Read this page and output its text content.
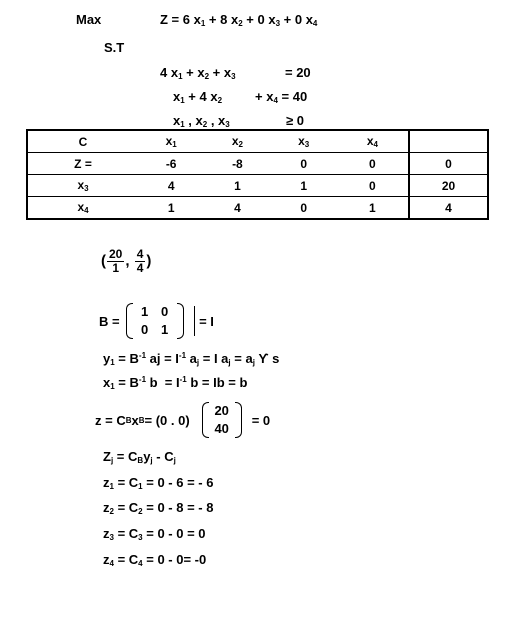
Max	Z = 6 $x_1 + 8$ $x_2 + 0$ $x_3 + 0$ $x_4$
S.T
4 $x_1 + x_2 + x_3$	= 20
$x_1 + 4$ $x_2$	+ $x_4 = 40$
$x_1$ , $x_2$ , $x_3$	≥ 0
C	$x_1$	$x_2$	$x_3$	$x_4$	
Z =	-6	-8	0	0	0
$x_3$	4	1	1	0	20
$x_4$	1	4	0	1	4
( $\frac{20}{1}$ , $\frac{4}{4}$ )
B =
1 0
0 1
= I
$y_1 = B^{-1}$ aj = $I^{-1}$ $a_j = I$ $a_j = a_j$ ϒ s
$x_1 = B^{-1}$ $b = I^{-1}$ b = Ib = b
z = C B x B = (0 . 0)
20
40
= 0
$Z_j = C_By_j - C_j$
$z_1 = C_1 = 0 - 6$ = - 6
$z_2 = C_2 = 0 - 8$ = - 8
$z_3 = C_3 = 0 - 0 = 0$
$z_4 = C_4 = 0 - 0= -0$
